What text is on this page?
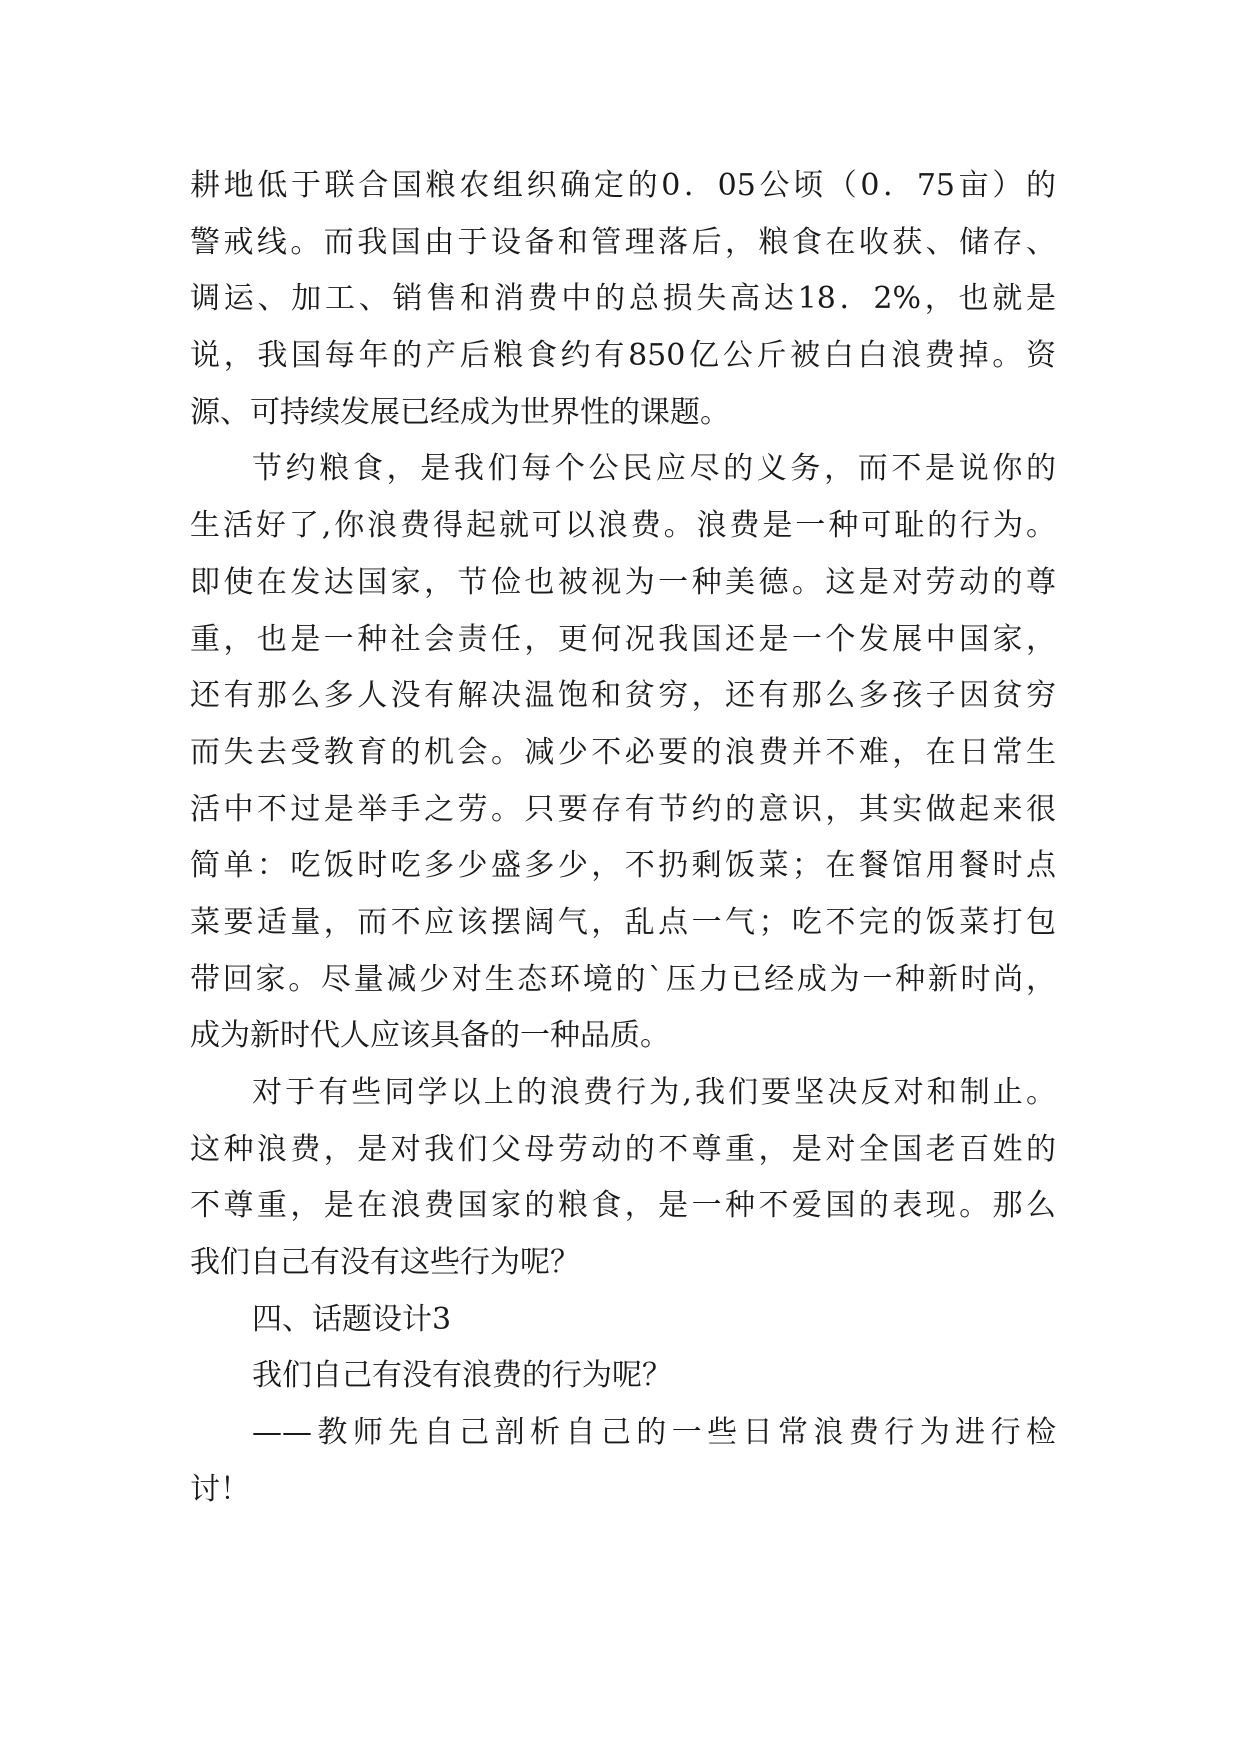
耕地低于联合国粮农组织确定的0．05公顷（0．75亩）的
警戒线。而我国由于设备和管理落后，粮食在收获、储存、
调运、加工、销售和消费中的总损失高达18．2%，也就是
说，我国每年的产后粮食约有850亿公斤被白白浪费掉。资
源、可持续发展已经成为世界性的课题。
节约粮食，是我们每个公民应尽的义务，而不是说你的
生活好了,你浪费得起就可以浪费。浪费是一种可耻的行为。
即使在发达国家，节俭也被视为一种美德。这是对劳动的尊
重，也是一种社会责任，更何况我国还是一个发展中国家，
还有那么多人没有解决温饱和贫穷，还有那么多孩子因贫穷
而失去受教育的机会。减少不必要的浪费并不难，在日常生
活中不过是举手之劳。只要存有节约的意识，其实做起来很
简单：吃饭时吃多少盛多少，不扔剩饭菜；在餐馆用餐时点
菜要适量，而不应该摆阔气，乱点一气；吃不完的饭菜打包
带回家。尽量减少对生态环境的`压力已经成为一种新时尚，
成为新时代人应该具备的一种品质。
对于有些同学以上的浪费行为,我们要坚决反对和制止。
这种浪费，是对我们父母劳动的不尊重，是对全国老百姓的
不尊重，是在浪费国家的粮食，是一种不爱国的表现。那么
我们自己有没有这些行为呢？
四、话题设计3
我们自己有没有浪费的行为呢？
——教师先自己剖析自己的一些日常浪费行为进行检
讨！
